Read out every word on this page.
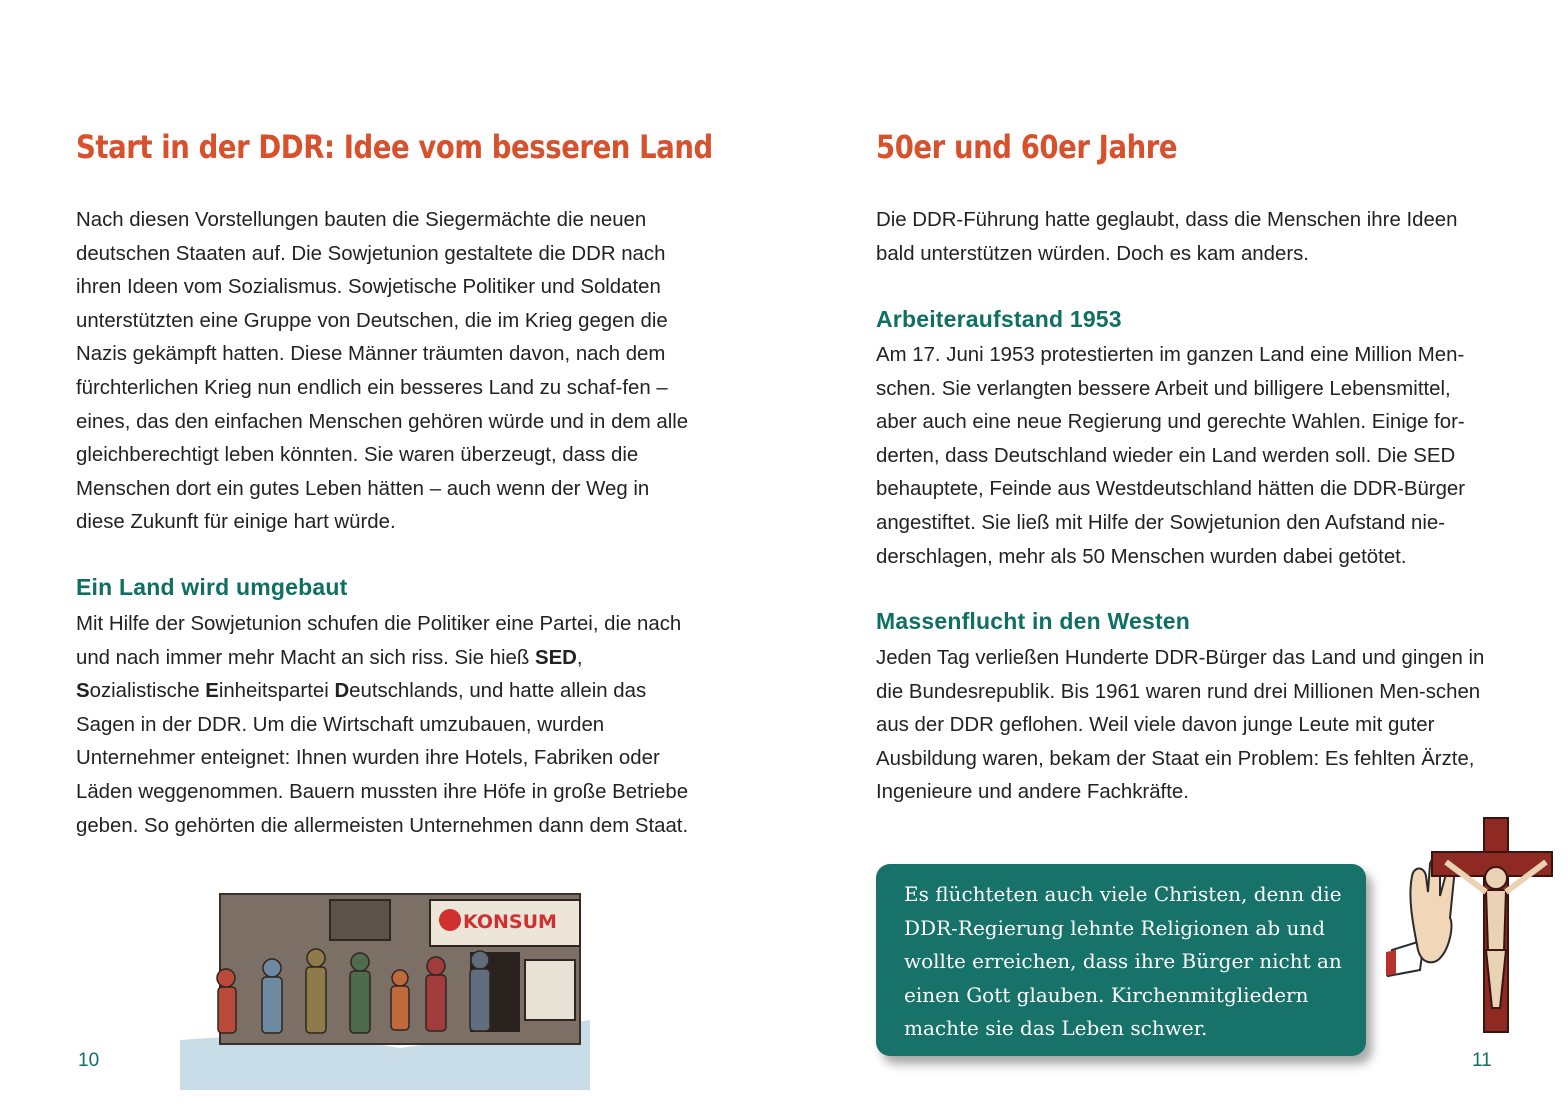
Start in der DDR: Idee vom besseren Land

Nach diesen Vorstellungen bauten die Siegermächte die neuen deutschen Staaten auf. Die Sowjetunion gestaltete die DDR nach ihren Ideen vom Sozialismus. Sowjetische Politiker und Soldaten unterstützten eine Gruppe von Deutschen, die im Krieg gegen die Nazis gekämpft hatten. Diese Männer träumten davon, nach dem fürchterlichen Krieg nun endlich ein besseres Land zu schaf-fen – eines, das den einfachen Menschen gehören würde und in dem alle gleichberechtigt leben könnten. Sie waren überzeugt, dass die Menschen dort ein gutes Leben hätten – auch wenn der Weg in diese Zukunft für einige hart würde.

Ein Land wird umgebaut

Mit Hilfe der Sowjetunion schufen die Politiker eine Partei, die nach und nach immer mehr Macht an sich riss. Sie hieß SED, Sozialistische Einheitspartei Deutschlands, und hatte allein das Sagen in der DDR. Um die Wirtschaft umzubauen, wurden Unternehmer enteignet: Ihnen wurden ihre Hotels, Fabriken oder Läden weggenommen. Bauern mussten ihre Höfe in große Betriebe geben. So gehörten die allermeisten Unternehmen dann dem Staat.

KONSUM
10
50er und 60er Jahre

Die DDR-Führung hatte geglaubt, dass die Menschen ihre Ideen bald unterstützen würden. Doch es kam anders.

Arbeiteraufstand 1953

Am 17. Juni 1953 protestierten im ganzen Land eine Million Men-schen. Sie verlangten bessere Arbeit und billigere Lebensmittel, aber auch eine neue Regierung und gerechte Wahlen. Einige for-derten, dass Deutschland wieder ein Land werden soll. Die SED behauptete, Feinde aus Westdeutschland hätten die DDR-Bürger angestiftet. Sie ließ mit Hilfe der Sowjetunion den Aufstand nie-derschlagen, mehr als 50 Menschen wurden dabei getötet.

Massenflucht in den Westen

Jeden Tag verließen Hunderte DDR-Bürger das Land und gingen in die Bundesrepublik. Bis 1961 waren rund drei Millionen Men-schen aus der DDR geflohen. Weil viele davon junge Leute mit guter Ausbildung waren, bekam der Staat ein Problem: Es fehlten Ärzte, Ingenieure und andere Fachkräfte.

Es flüchteten auch viele Christen, denn die DDR-Regierung lehnte Religionen ab und wollte erreichen, dass ihre Bürger nicht an einen Gott glauben. Kirchenmitgliedern machte sie das Leben schwer.

11
